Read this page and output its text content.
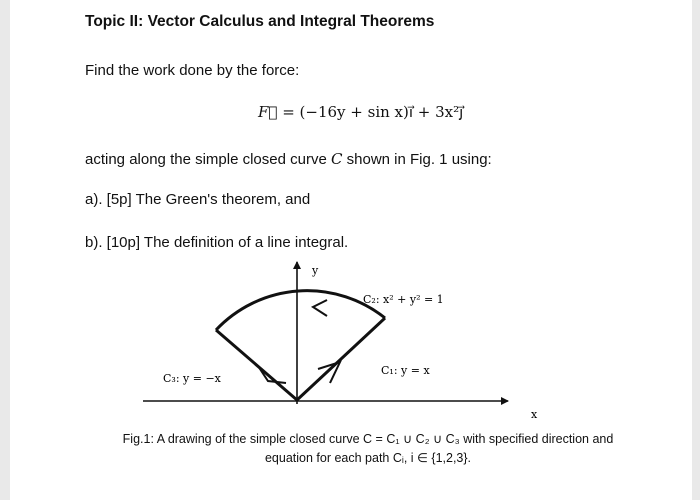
Topic II: Vector Calculus and Integral Theorems
Find the work done by the force:
F⃗ = (−16y + sin x)ı⃗ + 3x²ȷ⃗
acting along the simple closed curve C shown in Fig. 1 using:
a). [5p] The Green's theorem, and
b). [10p] The definition of a line integral.
Fig.1: A drawing of the simple closed curve C = C₁ ∪ C₂ ∪ C₃ with specified direction and
equation for each path Cᵢ, i ∈ {1,2,3}.
y
x
C₂: x² + y² = 1
C₃: y = −x
C₁: y = x
